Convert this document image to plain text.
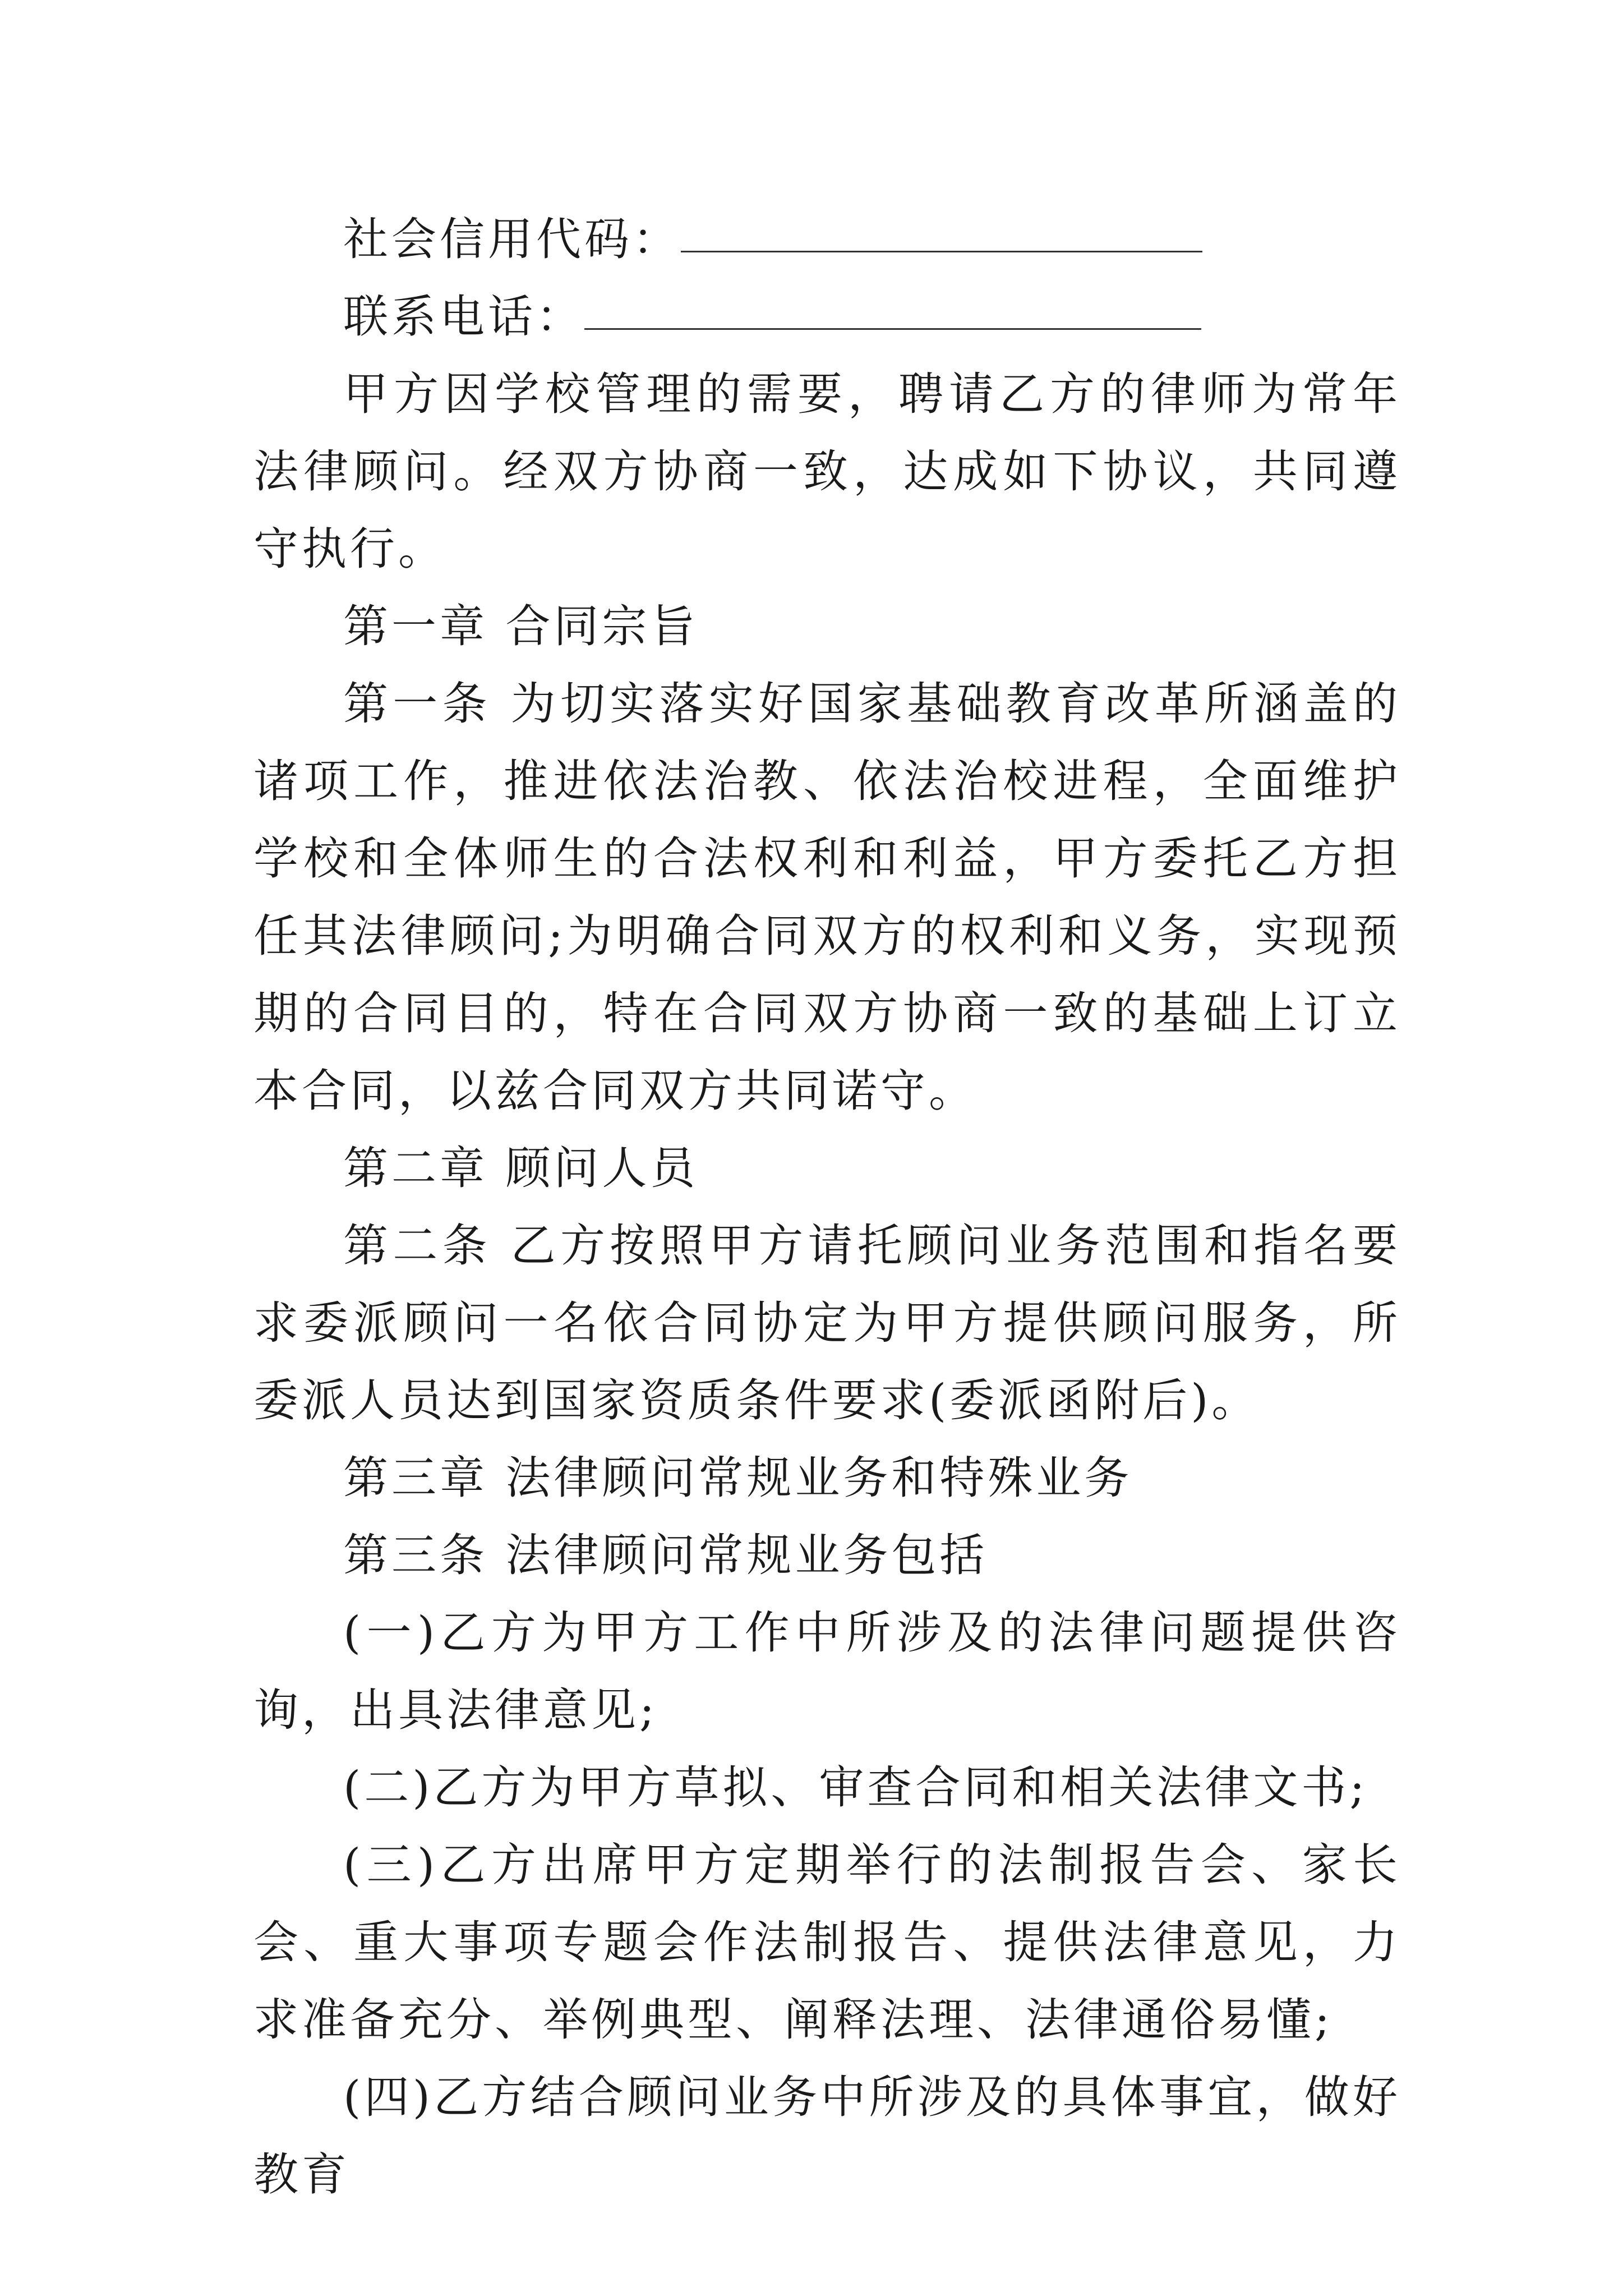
社会信用代码：
联系电话：

甲方因学校管理的需要，聘请乙方的律师为常年法律顾问。经双方协商一致，达成如下协议，共同遵守执行。

第一章 合同宗旨

第一条 为切实落实好国家基础教育改革所涵盖的诸项工作，推进依法治教、依法治校进程，全面维护学校和全体师生的合法权利和利益，甲方委托乙方担任其法律顾问;为明确合同双方的权利和义务，实现预期的合同目的，特在合同双方协商一致的基础上订立本合同，以兹合同双方共同诺守。

第二章 顾问人员

第二条 乙方按照甲方请托顾问业务范围和指名要求委派顾问一名依合同协定为甲方提供顾问服务，所委派人员达到国家资质条件要求(委派函附后)。

第三章 法律顾问常规业务和特殊业务

第三条 法律顾问常规业务包括

(一)乙方为甲方工作中所涉及的法律问题提供咨询，出具法律意见;

(二)乙方为甲方草拟、审查合同和相关法律文书;

(三)乙方出席甲方定期举行的法制报告会、家长会、重大事项专题会作法制报告、提供法律意见，力求准备充分、举例典型、阐释法理、法律通俗易懂;

(四)乙方结合顾问业务中所涉及的具体事宜，做好教育
